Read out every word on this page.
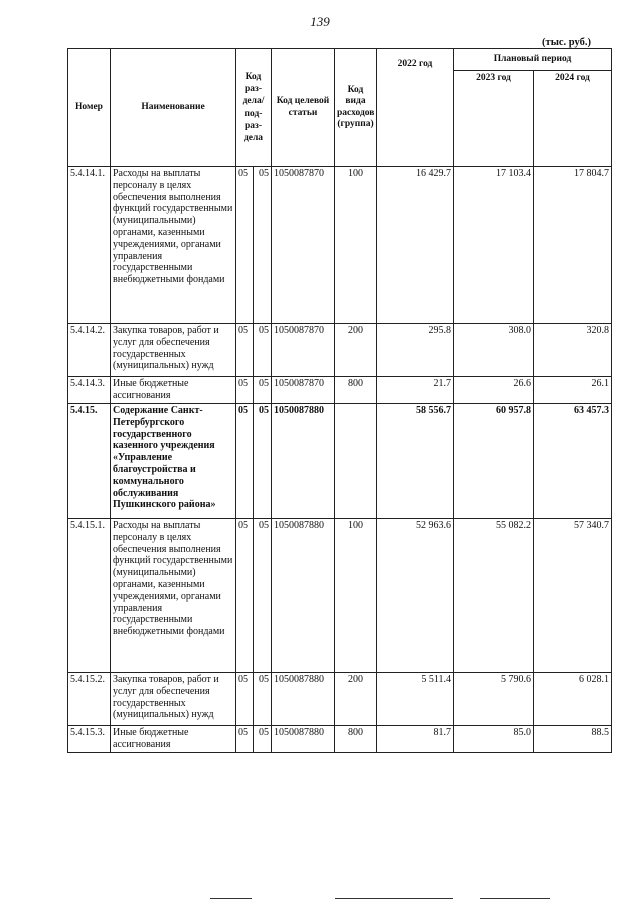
139
(тыс. руб.)
Номер	Наименование	Код раз-дела/ под-раз-дела		Код целевой статьи	Код вида расходов (группа)	2022 год	Плановый период	
							2023 год	2024 год
5.4.14.1.	Расходы на выплаты персоналу в целях обеспечения выполнения функций государственными (муниципальными) органами, казенными учреждениями, органами управления государственными внебюджетными фондами	05	05	1050087870	100	16 429.7	17 103.4	17 804.7
5.4.14.2.	Закупка товаров, работ и услуг для обеспечения государственных (муниципальных) нужд	05	05	1050087870	200	295.8	308.0	320.8
5.4.14.3.	Иные бюджетные ассигнования	05	05	1050087870	800	21.7	26.6	26.1
5.4.15.	Содержание Санкт-Петербургского государственного казенного учреждения «Управление благоустройства и коммунального обслуживания Пушкинского района»	05	05	1050087880		58 556.7	60 957.8	63 457.3
5.4.15.1.	Расходы на выплаты персоналу в целях обеспечения выполнения функций государственными (муниципальными) органами, казенными учреждениями, органами управления государственными внебюджетными фондами	05	05	1050087880	100	52 963.6	55 082.2	57 340.7
5.4.15.2.	Закупка товаров, работ и услуг для обеспечения государственных (муниципальных) нужд	05	05	1050087880	200	5 511.4	5 790.6	6 028.1
5.4.15.3.	Иные бюджетные ассигнования	05	05	1050087880	800	81.7	85.0	88.5
